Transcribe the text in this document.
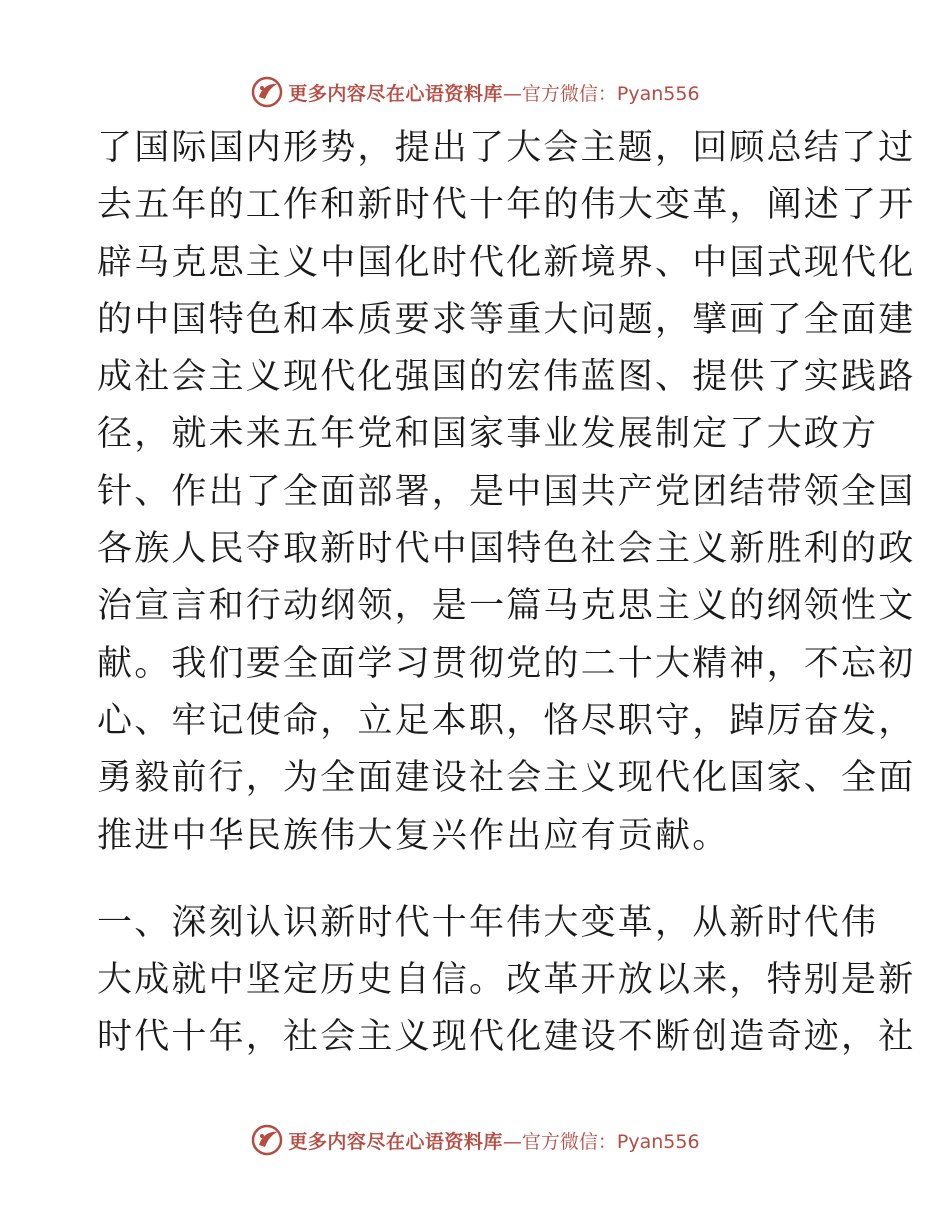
更多内容尽在心语资料库 —官方微信：Pyan556
了国际国内形势，提出了大会主题，回顾总结了过
去五年的工作和新时代十年的伟大变革，阐述了开
辟马克思主义中国化时代化新境界、中国式现代化
的中国特色和本质要求等重大问题，擘画了全面建
成社会主义现代化强国的宏伟蓝图、提供了实践路
径，就未来五年党和国家事业发展制定了大政方
针、作出了全面部署，是中国共产党团结带领全国
各族人民夺取新时代中国特色社会主义新胜利的政
治宣言和行动纲领，是一篇马克思主义的纲领性文
献。我们要全面学习贯彻党的二十大精神，不忘初
心、牢记使命，立足本职，恪尽职守，踔厉奋发，
勇毅前行，为全面建设社会主义现代化国家、全面
推进中华民族伟大复兴作出应有贡献。
一、深刻认识新时代十年伟大变革，从新时代伟
大成就中坚定历史自信。改革开放以来，特别是新
时代十年，社会主义现代化建设不断创造奇迹，社
更多内容尽在心语资料库 —官方微信：Pyan556
